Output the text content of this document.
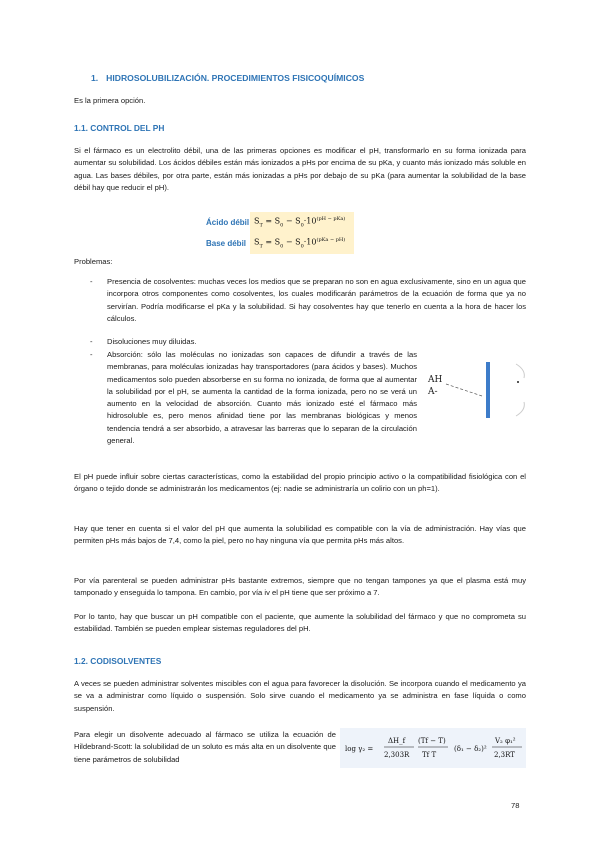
1. HIDROSOLUBILIZACIÓN. PROCEDIMIENTOS FISICOQUÍMICOS

Es la primera opción.

1.1. CONTROL DEL PH

Si el fármaco es un electrolito débil, una de las primeras opciones es modificar el pH, transformarlo en su forma ionizada para aumentar su solubilidad. Los ácidos débiles están más ionizados a pHs por encima de su pKa, y cuanto más ionizado más soluble en agua. Las bases débiles, por otra parte, están más ionizadas a pHs por debajo de su pKa (para aumentar la solubilidad de la base débil hay que reducir el pH).

Ácido débil $S_T = S_0 - S_0\cdot 10^{(pH - pKa)}$
Base débil $S_T = S_0 - S_0\cdot 10^{(pKa - pH)}$

Problemas:

- Presencia de cosolventes: muchas veces los medios que se preparan no son en agua exclusivamente, sino en un agua que incorpora otros componentes como cosolventes, los cuales modificarán parámetros de la ecuación de forma que ya no servirían. Podría modificarse el pKa y la solubilidad. Si hay cosolventes hay que tenerlo en cuenta a la hora de hacer los cálculos.

- Disoluciones muy diluidas.

- Absorción: sólo las moléculas no ionizadas son capaces de difundir a través de las membranas, para moléculas ionizadas hay transportadores (para ácidos y bases). Muchos medicamentos solo pueden absorberse en su forma no ionizada, de forma que al aumentar la solubilidad por el pH, se aumenta la cantidad de la forma ionizada, pero no se verá un aumento en la velocidad de absorción. Cuanto más ionizado esté el fármaco más hidrosoluble es, pero menos afinidad tiene por las membranas biológicas y menos tendencia tendrá a ser absorbido, a atravesar las barreras que lo separan de la circulación general.

AH
A-

El pH puede influir sobre ciertas características, como la estabilidad del propio principio activo o la compatibilidad fisiológica con el órgano o tejido donde se administrarán los medicamentos (ej: nadie se administraría un colirio con un ph=1).

Hay que tener en cuenta si el valor del pH que aumenta la solubilidad es compatible con la vía de administración. Hay vías que permiten pHs más bajos de 7,4, como la piel, pero no hay ninguna vía que permita pHs más altos.

Por vía parenteral se pueden administrar pHs bastante extremos, siempre que no tengan tampones ya que el plasma está muy tamponado y enseguida lo tampona. En cambio, por vía iv el pH tiene que ser próximo a 7.

Por lo tanto, hay que buscar un pH compatible con el paciente, que aumente la solubilidad del fármaco y que no comprometa su estabilidad. También se pueden emplear sistemas reguladores del pH.

1.2. CODISOLVENTES

A veces se pueden administrar solventes miscibles con el agua para favorecer la disolución. Se incorpora cuando el medicamento ya se va a administrar como líquido o suspensión. Solo sirve cuando el medicamento ya se administra en fase líquida o como suspensión.

Para elegir un disolvente adecuado al fármaco se utiliza la ecuación de Hildebrand-Scott: la solubilidad de un soluto es más alta en un disolvente que tiene parámetros de solubilidad

log γ₂ =
ΔH_f
2,303R
(Tf − T)
Tf T
(δ₁ − δ₂)²
V₂ φ₁²
2,3RT
78
